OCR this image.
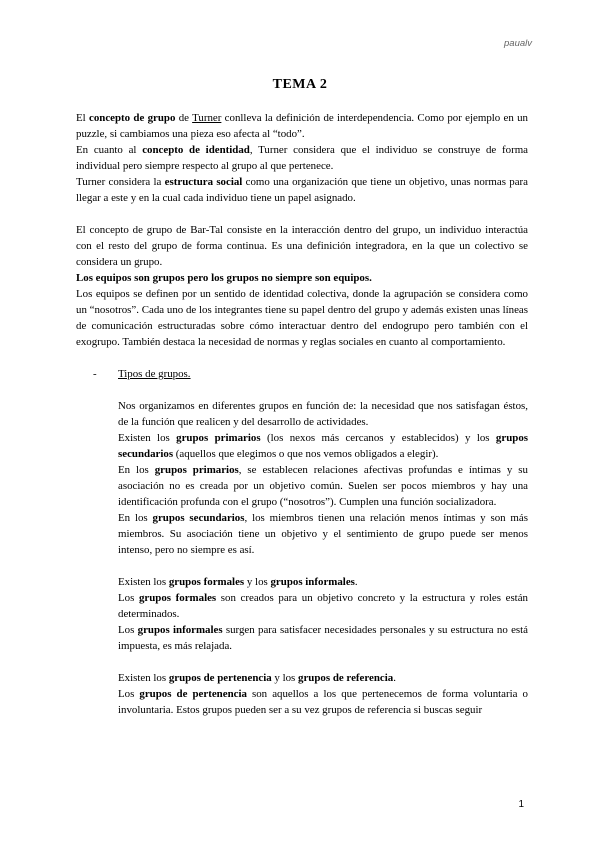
paualv
TEMA 2

El concepto de grupo de Turner conlleva la definición de interdependencia. Como por ejemplo en un puzzle, si cambiamos una pieza eso afecta al “todo”.

En cuanto al concepto de identidad, Turner considera que el individuo se construye de forma individual pero siempre respecto al grupo al que pertenece.

Turner considera la estructura social como una organización que tiene un objetivo, unas normas para llegar a este y en la cual cada individuo tiene un papel asignado.

El concepto de grupo de Bar-Tal consiste en la interacción dentro del grupo, un individuo interactúa con el resto del grupo de forma continua. Es una definición integradora, en la que un colectivo se considera un grupo.

Los equipos son grupos pero los grupos no siempre son equipos.

Los equipos se definen por un sentido de identidad colectiva, donde la agrupación se considera como un “nosotros”. Cada uno de los integrantes tiene su papel dentro del grupo y además existen unas líneas de comunicación estructuradas sobre cómo interactuar dentro del endogrupo pero también con el exogrupo. También destaca la necesidad de normas y reglas sociales en cuanto al comportamiento.

- Tipos de grupos.

Nos organizamos en diferentes grupos en función de: la necesidad que nos satisfagan éstos, de la función que realicen y del desarrollo de actividades.

Existen los grupos primarios (los nexos más cercanos y establecidos) y los grupos secundarios (aquellos que elegimos o que nos vemos obligados a elegir).

En los grupos primarios, se establecen relaciones afectivas profundas e íntimas y su asociación no es creada por un objetivo común. Suelen ser pocos miembros y hay una identificación profunda con el grupo (“nosotros”). Cumplen una función socializadora.

En los grupos secundarios, los miembros tienen una relación menos íntimas y son más miembros. Su asociación tiene un objetivo y el sentimiento de grupo puede ser menos intenso, pero no siempre es así.

Existen los grupos formales y los grupos informales.

Los grupos formales son creados para un objetivo concreto y la estructura y roles están determinados.

Los grupos informales surgen para satisfacer necesidades personales y su estructura no está impuesta, es más relajada.

Existen los grupos de pertenencia y los grupos de referencia.

Los grupos de pertenencia son aquellos a los que pertenecemos de forma voluntaria o involuntaria. Estos grupos pueden ser a su vez grupos de referencia si buscas seguir

1
